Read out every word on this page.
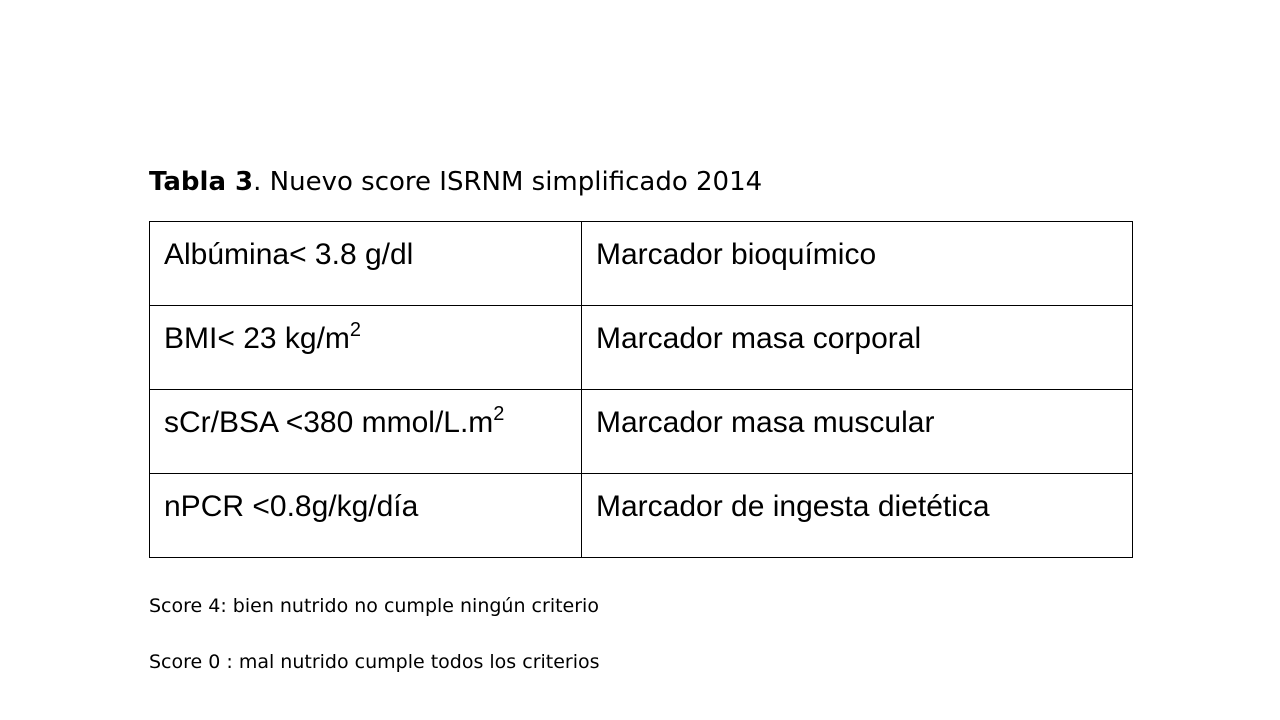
Tabla 3. Nuevo score ISRNM simplificado 2014
Albúmina< 3.8 g/dl	Marcador bioquímico
BMI< 23 $kg/m^2$	Marcador masa corporal
sCr/BSA <380 mmol/$L.m^2$	Marcador masa muscular
nPCR <0.8g/kg/día	Marcador de ingesta dietética
Score 4: bien nutrido no cumple ningún criterio
Score 0 : mal nutrido cumple todos los criterios
